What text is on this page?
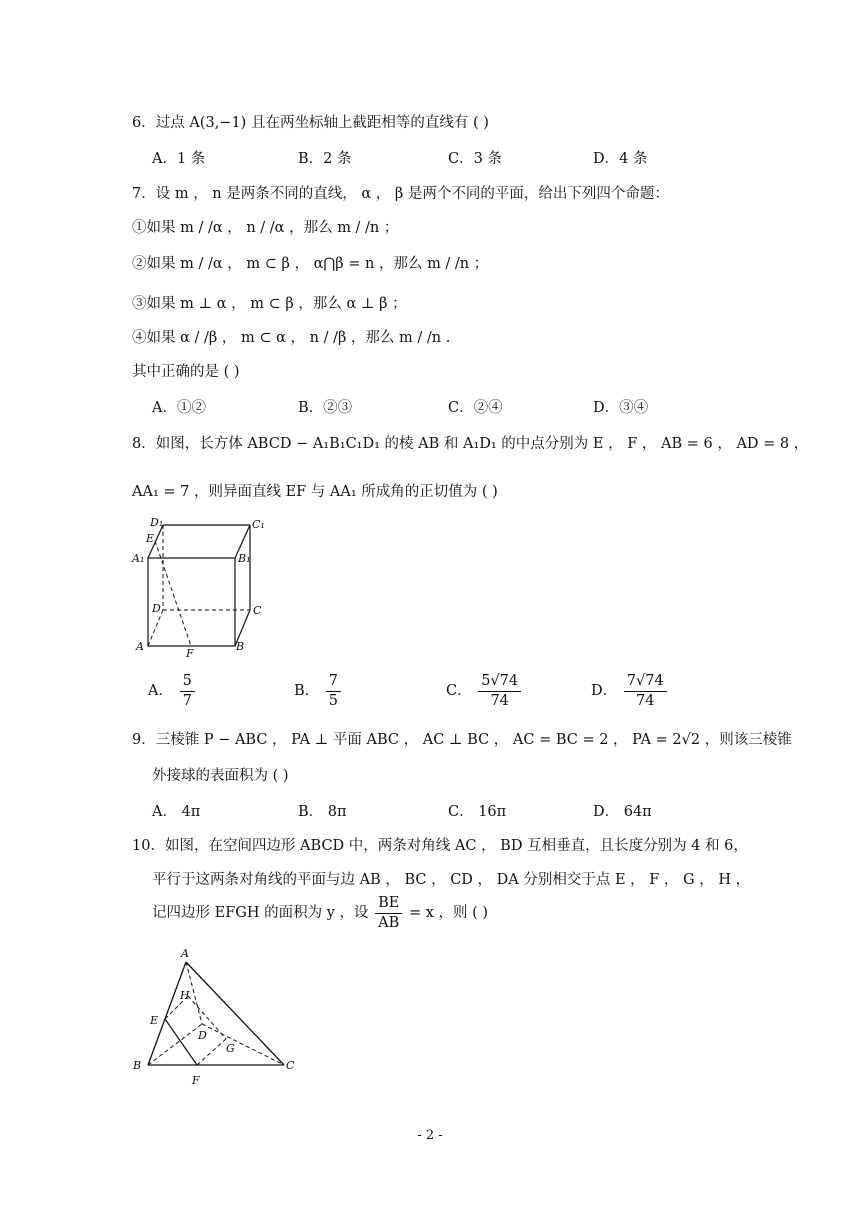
6．过点 A(3,−1) 且在两坐标轴上截距相等的直线有 ( )
A．1 条	B．2 条	C．3 条	D．4 条
7．设 m ， n 是两条不同的直线， α ， β 是两个不同的平面，给出下列四个命题：
①如果 m / /α ， n / /α ，那么 m / /n ；
②如果 m / /α ， m ⊂ β ， α⋂β = n ，那么 m / /n ；
③如果 m ⊥ α ， m ⊂ β ，那么 α ⊥ β ；
④如果 α / /β ， m ⊂ α ， n / /β ，那么 m / /n .
其中正确的是 ( )
A．①②	B．②③	C．②④	D．③④
8．如图，长方体 ABCD − A₁B₁C₁D₁ 的棱 AB 和 A₁D₁ 的中点分别为 E ， F ， AB = 6 ， AD = 8 ，
AA₁ = 7 ，则异面直线 EF 与 AA₁ 所成角的正切值为 ( )
D₁	C₁
E
A₁	B₁
D	C
A	B
F
A． $\frac{5}{7}$	B． $\frac{7}{5}$	C． $\frac{5√74}{74}$	D． $\frac{7√74}{74}$
9．三棱锥 P − ABC ， PA ⊥ 平面 ABC ， AC ⊥ BC ， AC = BC = 2 ， PA = 2√2 ，则该三棱锥
外接球的表面积为 ( )
A． 4π	B． 8π	C． 16π	D． 64π
10．如图，在空间四边形 ABCD 中，两条对角线 AC ， BD 互相垂直，且长度分别为 4 和 6，
平行于这两条对角线的平面与边 AB ， BC ， CD ， DA 分别相交于点 E ， F ， G ， H ，
记四边形 EFGH 的面积为 y ，设 $\frac{BE}{AB} = x$ ，则 ( )
A
H
E
D
G
B
F
C
- 2 -
